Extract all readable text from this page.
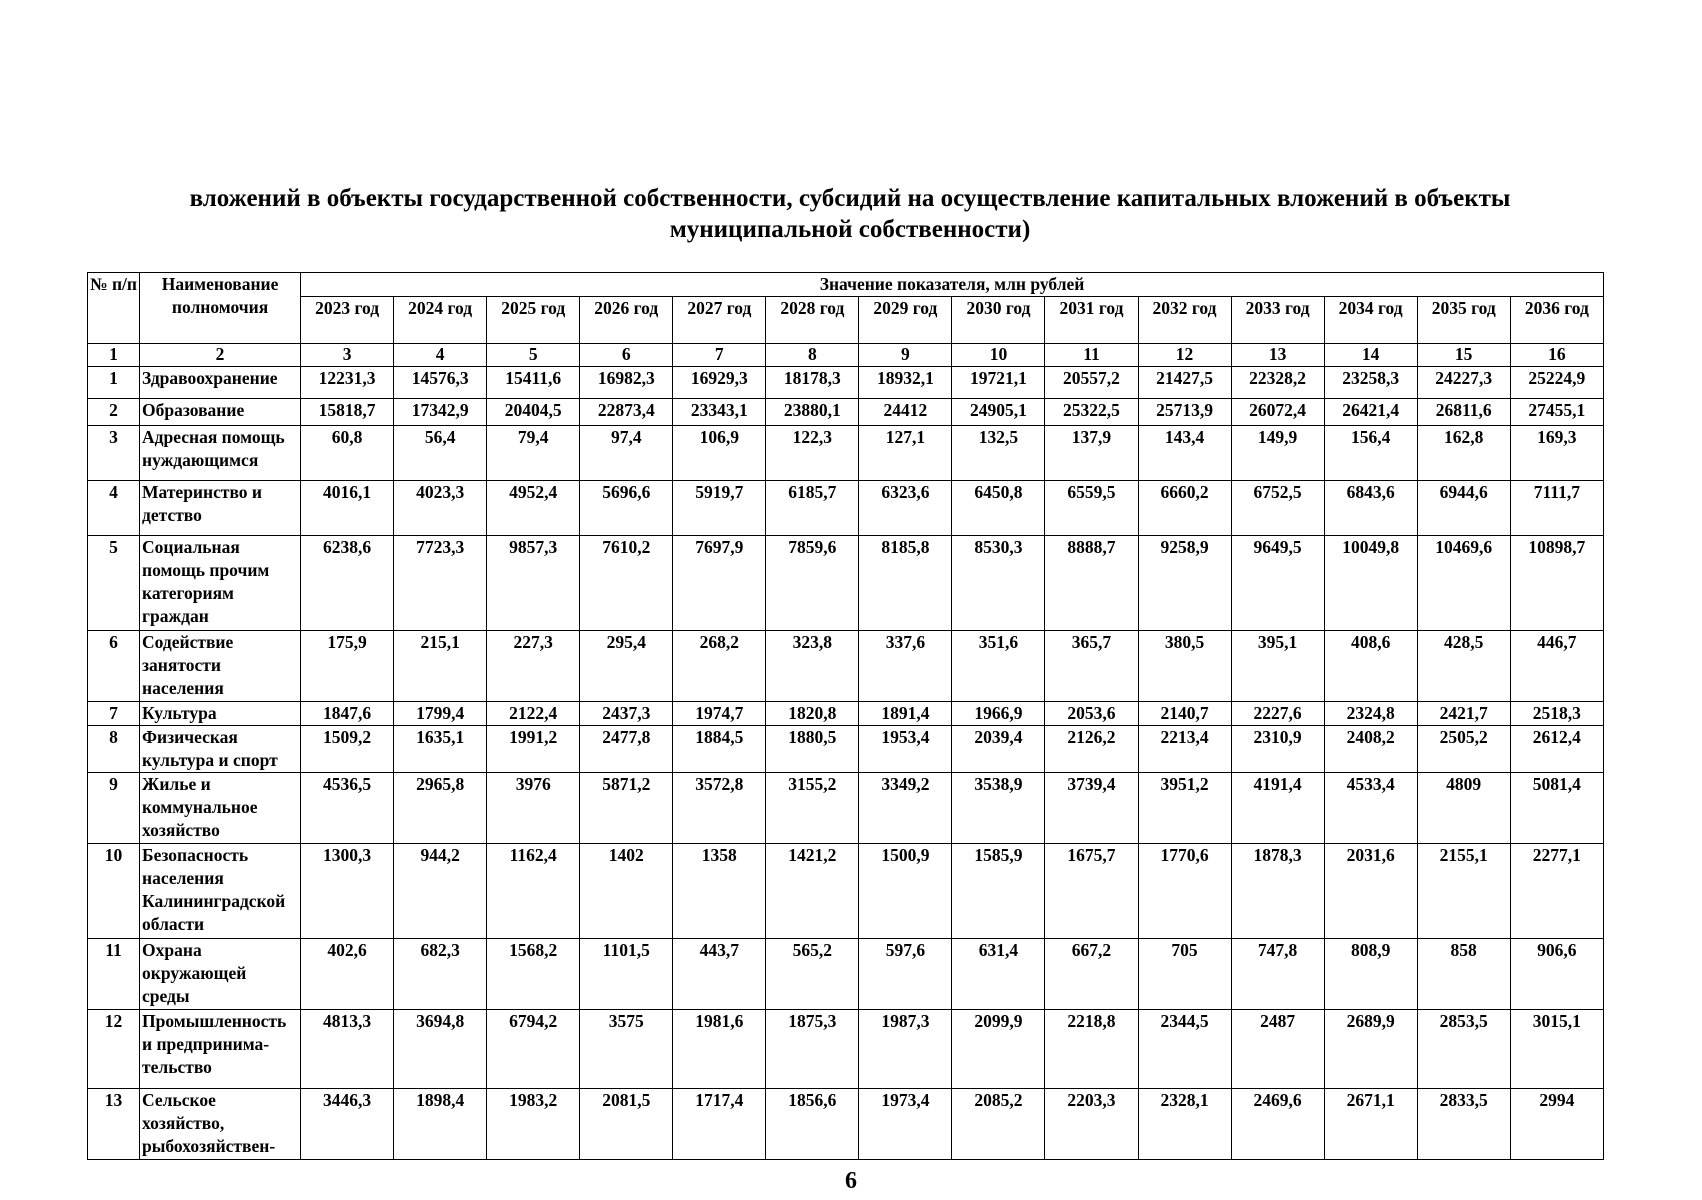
вложений в объекты государственной собственности, субсидий на осуществление капитальных вложений в объекты
муниципальной собственности)
№ п/п	Наименование полномочия	Значение показателя, млн рублей													
		2023 год	2024 год	2025 год	2026 год	2027 год	2028 год	2029 год	2030 год	2031 год	2032 год	2033 год	2034 год	2035 год	2036 год
1	2	3	4	5	6	7	8	9	10	11	12	13	14	15	16
1	Здравоохранение	12231,3	14576,3	15411,6	16982,3	16929,3	18178,3	18932,1	19721,1	20557,2	21427,5	22328,2	23258,3	24227,3	25224,9
2	Образование	15818,7	17342,9	20404,5	22873,4	23343,1	23880,1	24412	24905,1	25322,5	25713,9	26072,4	26421,4	26811,6	27455,1
3	Адресная помощь нуждающимся	60,8	56,4	79,4	97,4	106,9	122,3	127,1	132,5	137,9	143,4	149,9	156,4	162,8	169,3
4	Материнство и детство	4016,1	4023,3	4952,4	5696,6	5919,7	6185,7	6323,6	6450,8	6559,5	6660,2	6752,5	6843,6	6944,6	7111,7
5	Социальная помощь прочим категориям граждан	6238,6	7723,3	9857,3	7610,2	7697,9	7859,6	8185,8	8530,3	8888,7	9258,9	9649,5	10049,8	10469,6	10898,7
6	Содействие занятости населения	175,9	215,1	227,3	295,4	268,2	323,8	337,6	351,6	365,7	380,5	395,1	408,6	428,5	446,7
7	Культура	1847,6	1799,4	2122,4	2437,3	1974,7	1820,8	1891,4	1966,9	2053,6	2140,7	2227,6	2324,8	2421,7	2518,3
8	Физическая культура и спорт	1509,2	1635,1	1991,2	2477,8	1884,5	1880,5	1953,4	2039,4	2126,2	2213,4	2310,9	2408,2	2505,2	2612,4
9	Жилье и коммунальное хозяйство	4536,5	2965,8	3976	5871,2	3572,8	3155,2	3349,2	3538,9	3739,4	3951,2	4191,4	4533,4	4809	5081,4
10	Безопасность населения Калининградской области	1300,3	944,2	1162,4	1402	1358	1421,2	1500,9	1585,9	1675,7	1770,6	1878,3	2031,6	2155,1	2277,1
11	Охрана окружающей среды	402,6	682,3	1568,2	1101,5	443,7	565,2	597,6	631,4	667,2	705	747,8	808,9	858	906,6
12	Промышленность и предпринима-тельство	4813,3	3694,8	6794,2	3575	1981,6	1875,3	1987,3	2099,9	2218,8	2344,5	2487	2689,9	2853,5	3015,1
13	Сельское хозяйство, рыбохозяйствен-	3446,3	1898,4	1983,2	2081,5	1717,4	1856,6	1973,4	2085,2	2203,3	2328,1	2469,6	2671,1	2833,5	2994
6
